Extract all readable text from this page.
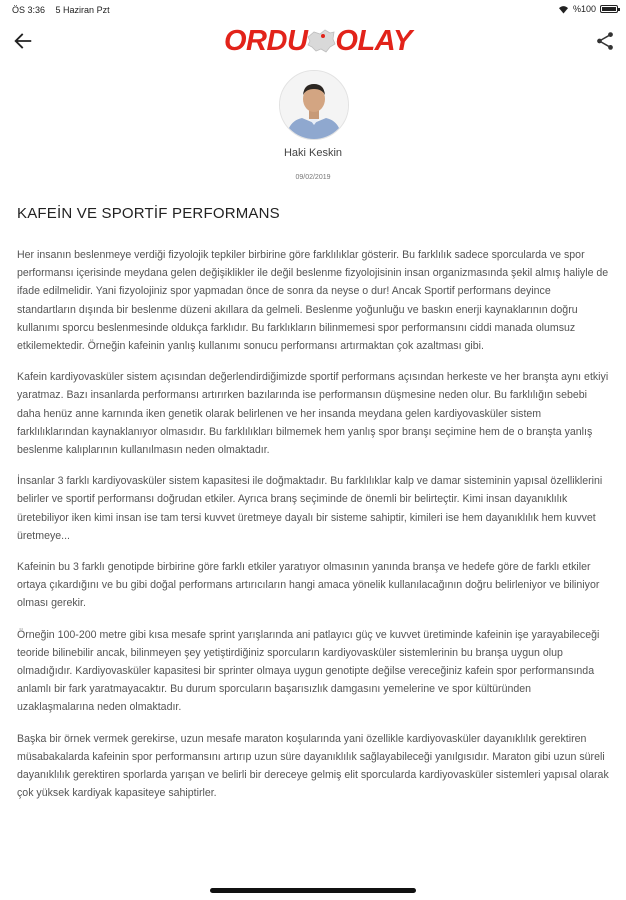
ÖS 3:36 5 Haziran Pzt	%100
ORDU OLAY
Haki Keskin
09/02/2019
KAFEİN VE SPORTİF PERFORMANS

Her insanın beslenmeye verdiği fizyolojik tepkiler birbirine göre farklılıklar gösterir. Bu farklılık sadece sporcularda ve spor performansı içerisinde meydana gelen değişiklikler ile değil beslenme fizyolojisinin insan organizmasında şekil almış haliyle de ifade edilmelidir. Yani fizyolojiniz spor yapmadan önce de sonra da neyse o dur! Ancak Sportif performans deyince standartların dışında bir beslenme düzeni akıllara da gelmeli. Beslenme yoğunluğu ve baskın enerji kaynaklarının doğru kullanımı sporcu beslenmesinde oldukça farklıdır. Bu farklıkların bilinmemesi spor performansını ciddi manada olumsuz etkilemektedir. Örneğin kafeinin yanlış kullanımı sonucu performansı artırmaktan çok azaltması gibi.

Kafein kardiyovasküler sistem açısından değerlendirdiğimizde sportif performans açısından herkeste ve her branşta aynı etkiyi yaratmaz. Bazı insanlarda performansı artırırken bazılarında ise performansın düşmesine neden olur. Bu farklılığın sebebi daha henüz anne karnında iken genetik olarak belirlenen ve her insanda meydana gelen kardiyovasküler sistem farklılıklarından kaynaklanıyor olmasıdır. Bu farklılıkları bilmemek hem yanlış spor branşı seçimine hem de o branşta yanlış beslenme kalıplarının kullanılmasın neden olmaktadır.

İnsanlar 3 farklı kardiyovasküler sistem kapasitesi ile doğmaktadır. Bu farklılıklar kalp ve damar sisteminin yapısal özelliklerini belirler ve sportif performansı doğrudan etkiler. Ayrıca branş seçiminde de önemli bir belirteçtir. Kimi insan dayanıklılık üretebiliyor iken kimi insan ise tam tersi kuvvet üretmeye dayalı bir sisteme sahiptir, kimileri ise hem dayanıklılık hem kuvvet üretmeye...

Kafeinin bu 3 farklı genotipde birbirine göre farklı etkiler yaratıyor olmasının yanında branşa ve hedefe göre de farklı etkiler ortaya çıkardığını ve bu gibi doğal performans artırıcıların hangi amaca yönelik kullanılacağının doğru belirleniyor ve biliniyor olması gerekir.

Örneğin 100-200 metre gibi kısa mesafe sprint yarışlarında ani patlayıcı güç ve kuvvet üretiminde kafeinin işe yarayabileceği teoride bilinebilir ancak, bilinmeyen şey yetiştirdiğiniz sporcuların kardiyovasküler sistemlerinin bu branşa uygun olup olmadığıdır. Kardiyovasküler kapasitesi bir sprinter olmaya uygun genotipte değilse vereceğiniz kafein spor performansında anlamlı bir fark yaratmayacaktır. Bu durum sporcuların başarısızlık damgasını yemelerine ve spor kültüründen uzaklaşmalarına neden olmaktadır.

Başka bir örnek vermek gerekirse, uzun mesafe maraton koşularında yani özellikle kardiyovasküler dayanıklılık gerektiren müsabakalarda kafeinin spor performansını artırıp uzun süre dayanıklılık sağlayabileceği yanılgısıdır. Maraton gibi uzun süreli dayanıklılık gerektiren sporlarda yarışan ve belirli bir dereceye gelmiş elit sporcularda kardiyovasküler sistemleri yapısal olarak çok yüksek kardiyak kapasiteye sahiptirler.
